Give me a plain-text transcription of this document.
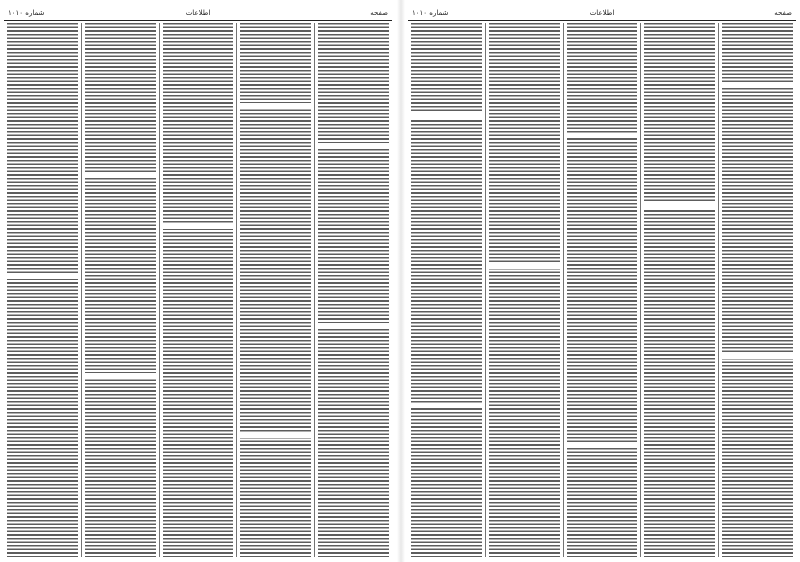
صفحه
اطلاعات
شماره ۱۰۱۰	صفحه
اطلاعات
شماره ۱۰۱۰
